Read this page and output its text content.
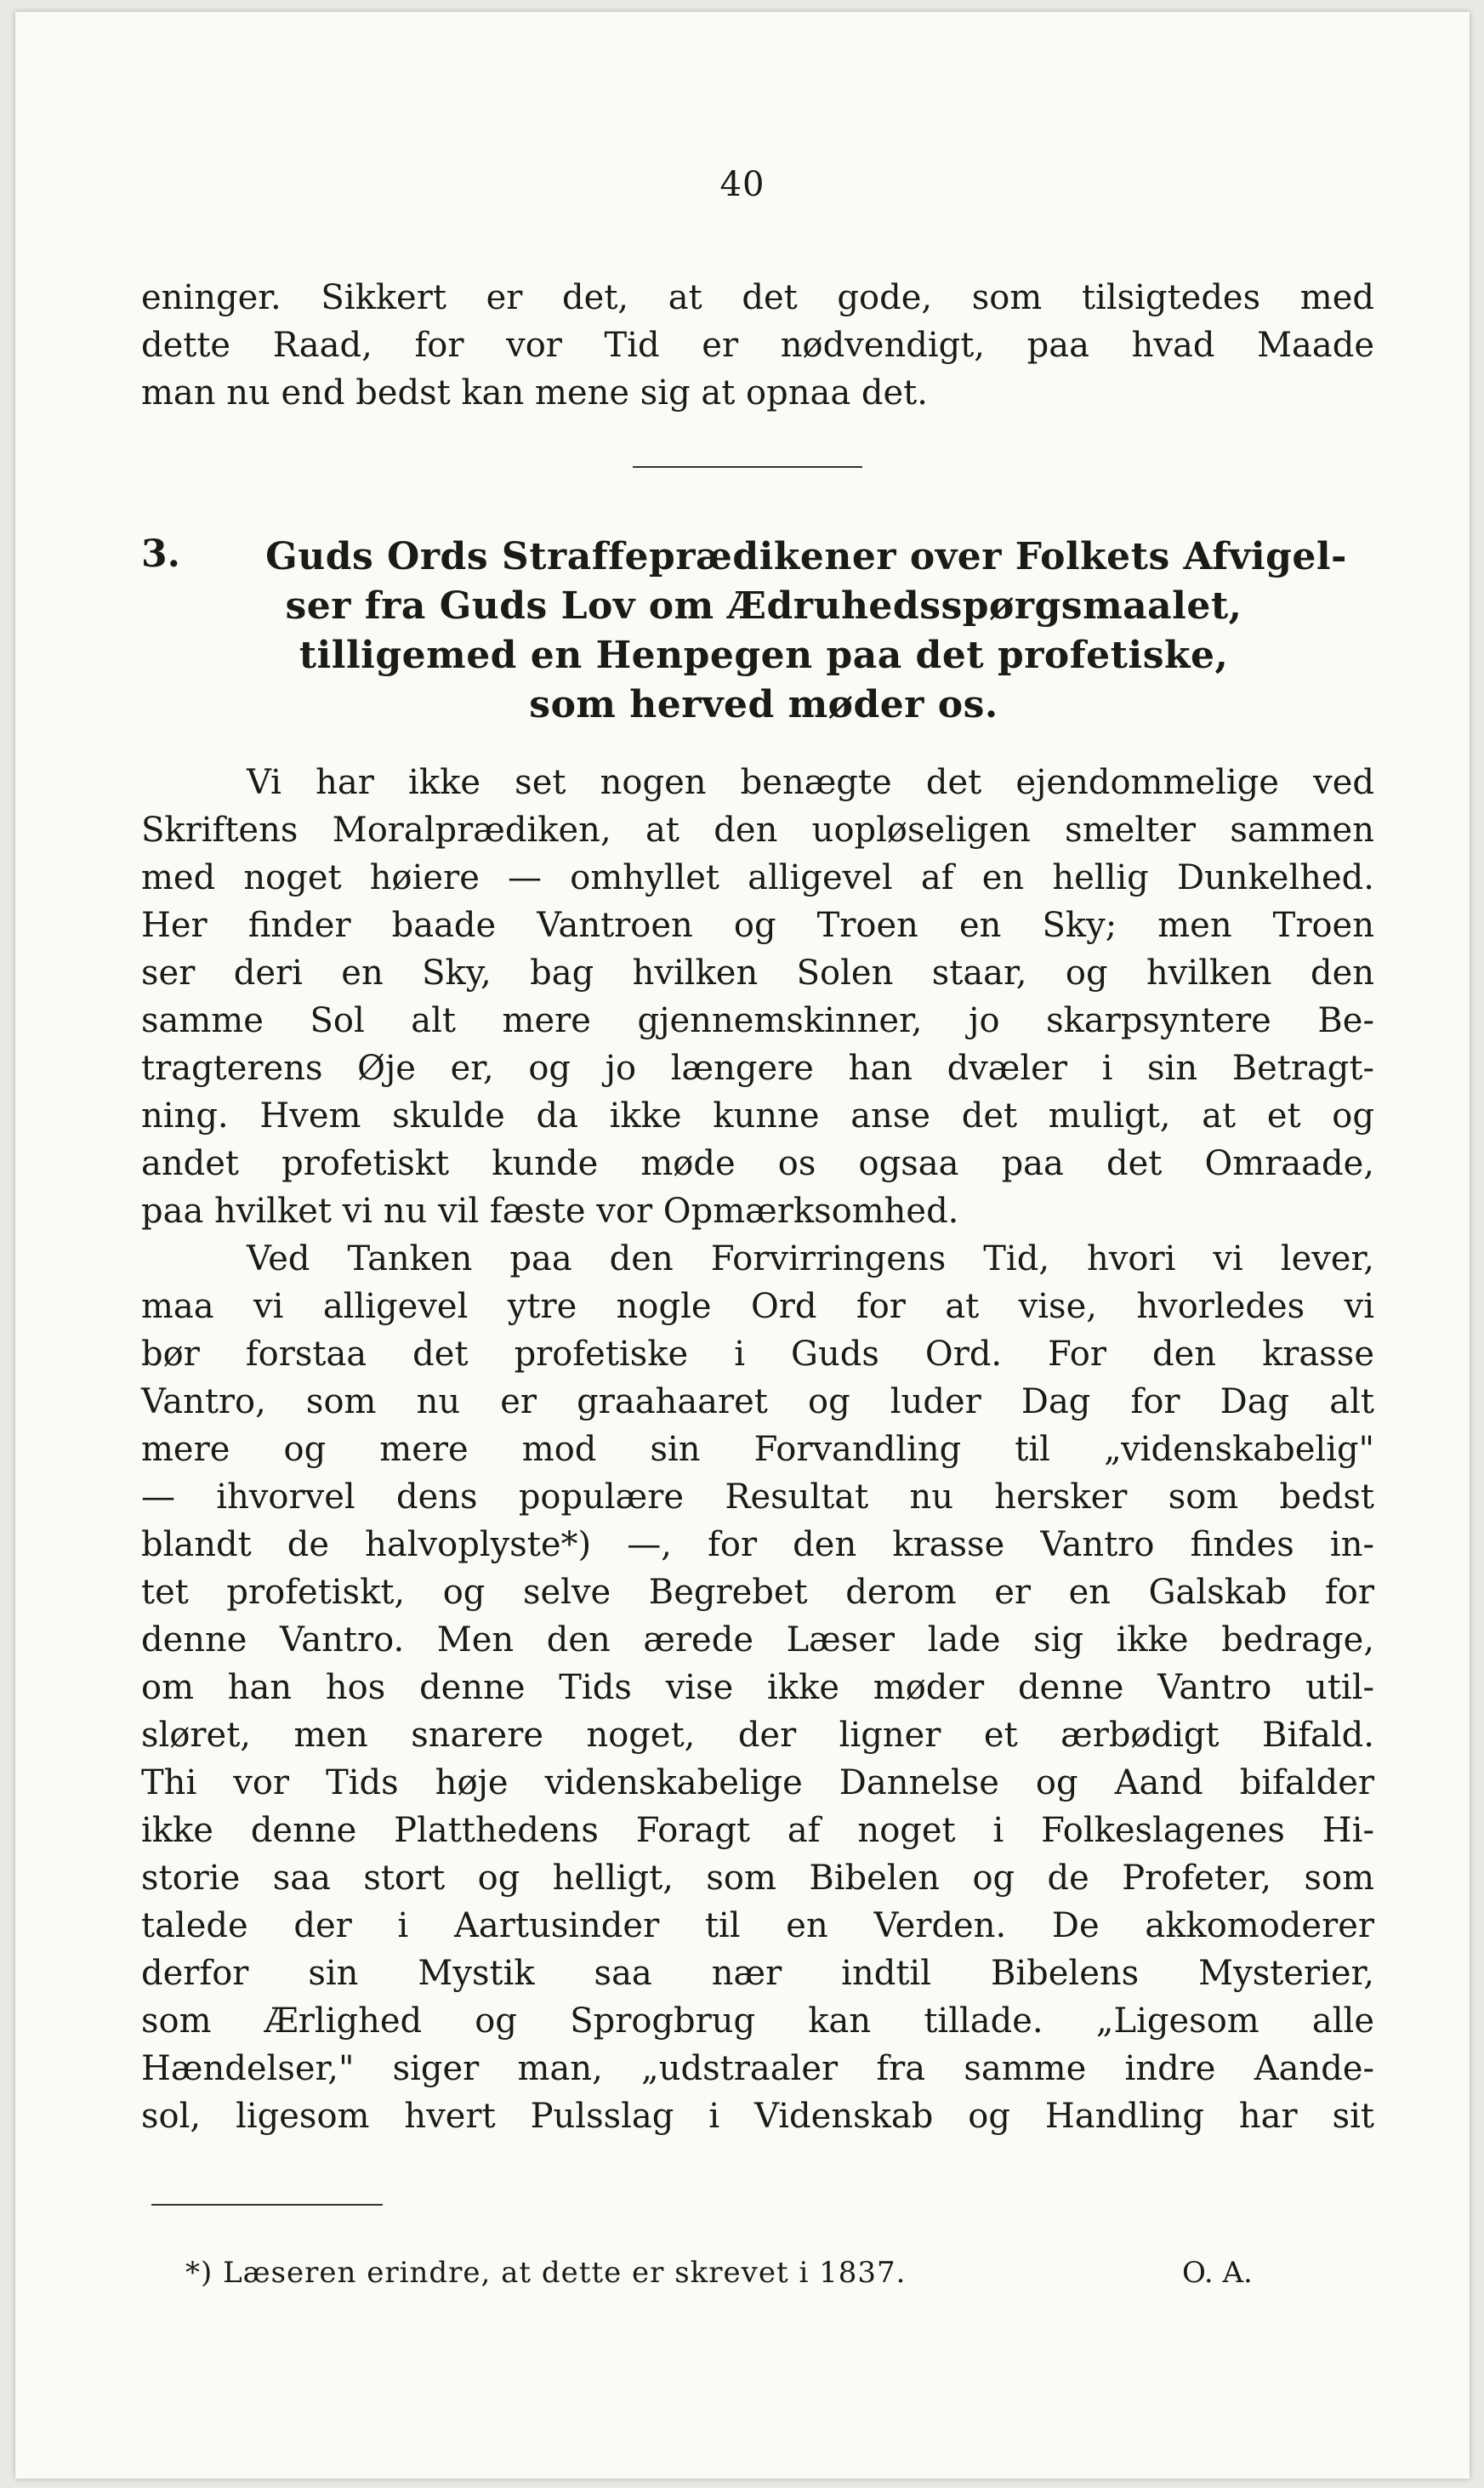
40
eninger. Sikkert er det, at det gode, som tilsigtedes med
dette Raad, for vor Tid er nødvendigt, paa hvad Maade
man nu end bedst kan mene sig at opnaa det.
3.	Guds Ords Straffeprædikener over Folkets Afvigel-
ser fra Guds Lov om Ædruhedsspørgsmaalet,
tilligemed en Henpegen paa det profetiske,
som herved møder os.
Vi har ikke set nogen benægte det ejendommelige ved
Skriftens Moralprædiken, at den uopløseligen smelter sammen
med noget høiere — omhyllet alligevel af en hellig Dunkelhed.
Her finder baade Vantroen og Troen en Sky; men Troen
ser deri en Sky, bag hvilken Solen staar, og hvilken den
samme Sol alt mere gjennemskinner, jo skarpsyntere Be-
tragterens Øje er, og jo længere han dvæler i sin Betragt-
ning. Hvem skulde da ikke kunne anse det muligt, at et og
andet profetiskt kunde møde os ogsaa paa det Omraade,
paa hvilket vi nu vil fæste vor Opmærksomhed.
Ved Tanken paa den Forvirringens Tid, hvori vi lever,
maa vi alligevel ytre nogle Ord for at vise, hvorledes vi
bør forstaa det profetiske i Guds Ord. For den krasse
Vantro, som nu er graahaaret og luder Dag for Dag alt
mere og mere mod sin Forvandling til „videnskabelig"
— ihvorvel dens populære Resultat nu hersker som bedst
blandt de halvoplyste*) —, for den krasse Vantro findes in-
tet profetiskt, og selve Begrebet derom er en Galskab for
denne Vantro. Men den ærede Læser lade sig ikke bedrage,
om han hos denne Tids vise ikke møder denne Vantro util-
sløret, men snarere noget, der ligner et ærbødigt Bifald.
Thi vor Tids høje videnskabelige Dannelse og Aand bifalder
ikke denne Platthedens Foragt af noget i Folkeslagenes Hi-
storie saa stort og helligt, som Bibelen og de Profeter, som
talede der i Aartusinder til en Verden. De akkomoderer
derfor sin Mystik saa nær indtil Bibelens Mysterier,
som Ærlighed og Sprogbrug kan tillade. „Ligesom alle
Hændelser," siger man, „udstraaler fra samme indre Aande-
sol, ligesom hvert Pulsslag i Videnskab og Handling har sit
*) Læseren erindre, at dette er skrevet i 1837.	O. A.
